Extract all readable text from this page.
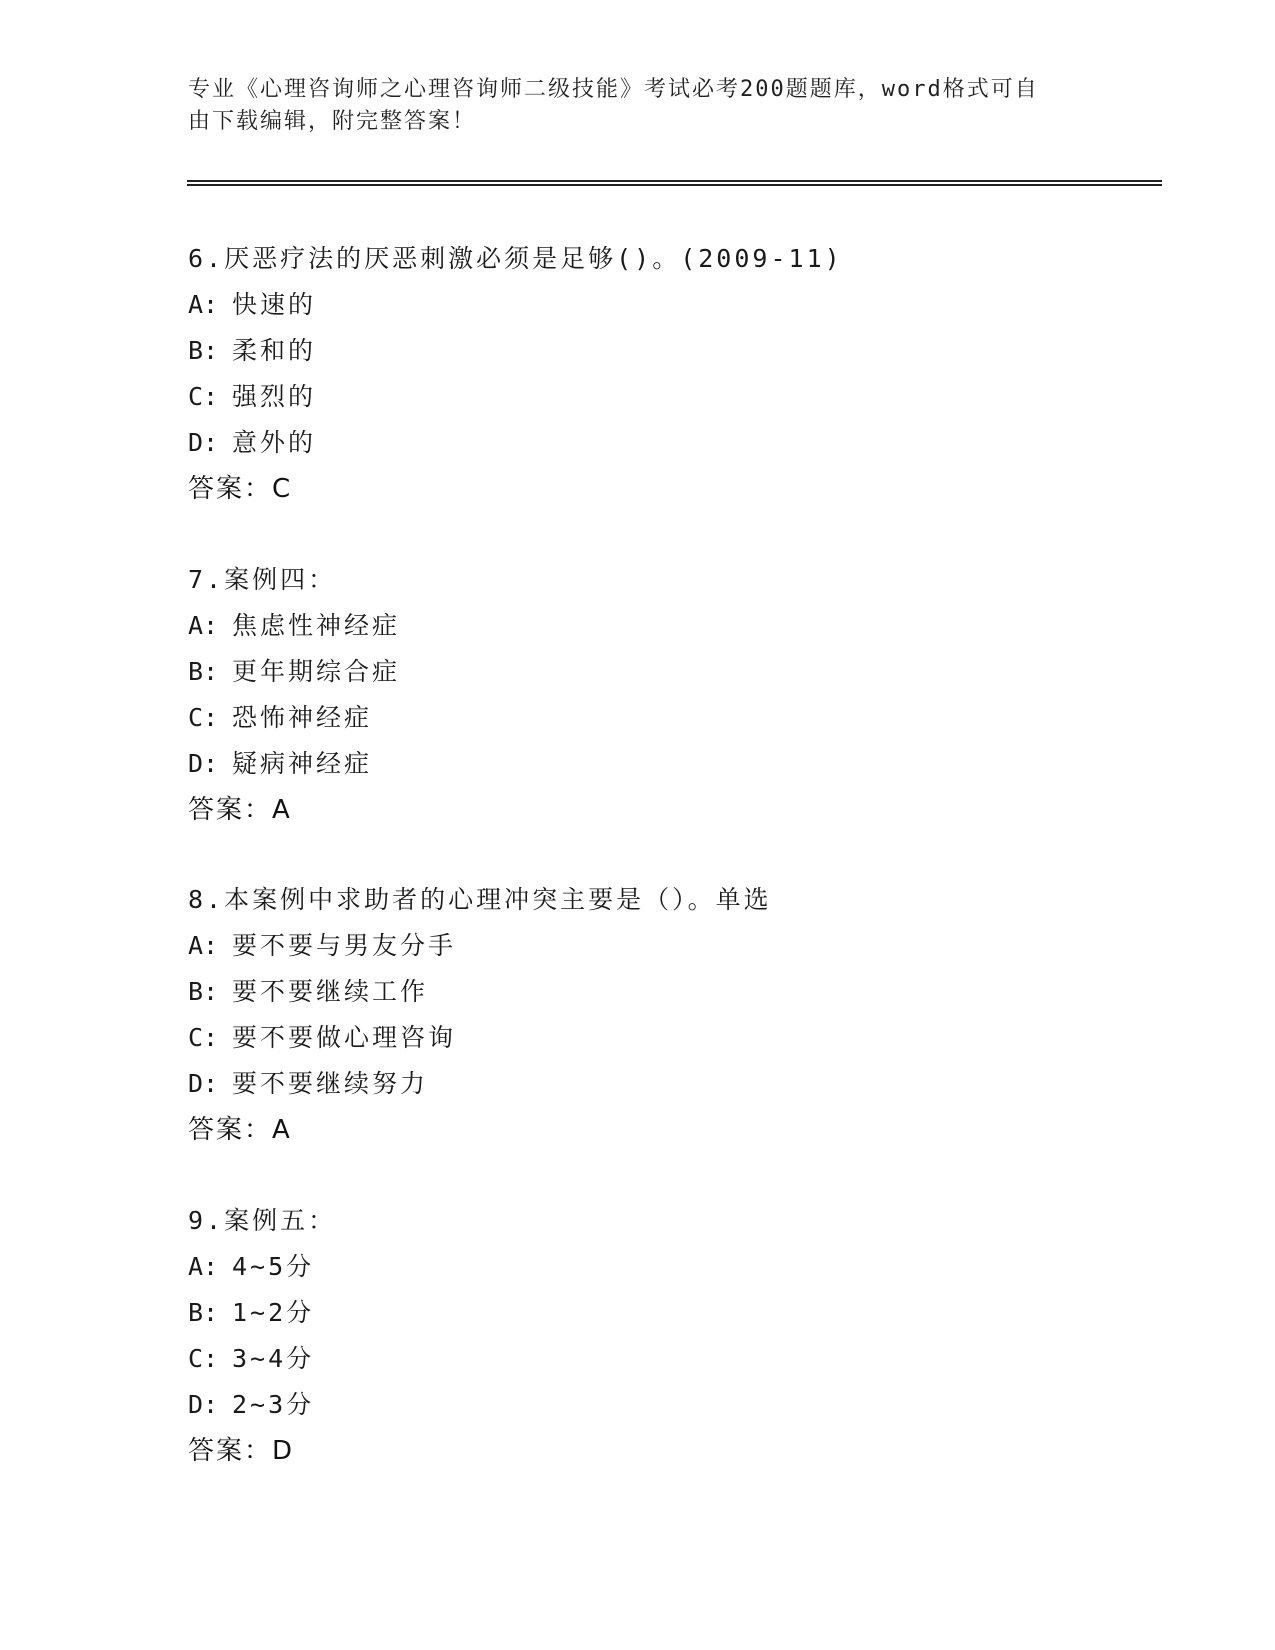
专业《心理咨询师之心理咨询师二级技能》考试必考200题题库，word格式可自
由下载编辑，附完整答案！
6.厌恶疗法的厌恶刺激必须是足够()。(2009-11)
A: 快速的
B: 柔和的
C: 强烈的
D: 意外的
答案：C
7.案例四：
A: 焦虑性神经症
B: 更年期综合症
C: 恐怖神经症
D: 疑病神经症
答案：A
8.本案例中求助者的心理冲突主要是（）。单选
A: 要不要与男友分手
B: 要不要继续工作
C: 要不要做心理咨询
D: 要不要继续努力
答案：A
9.案例五：
A: 4~5分
B: 1~2分
C: 3~4分
D: 2~3分
答案：D
